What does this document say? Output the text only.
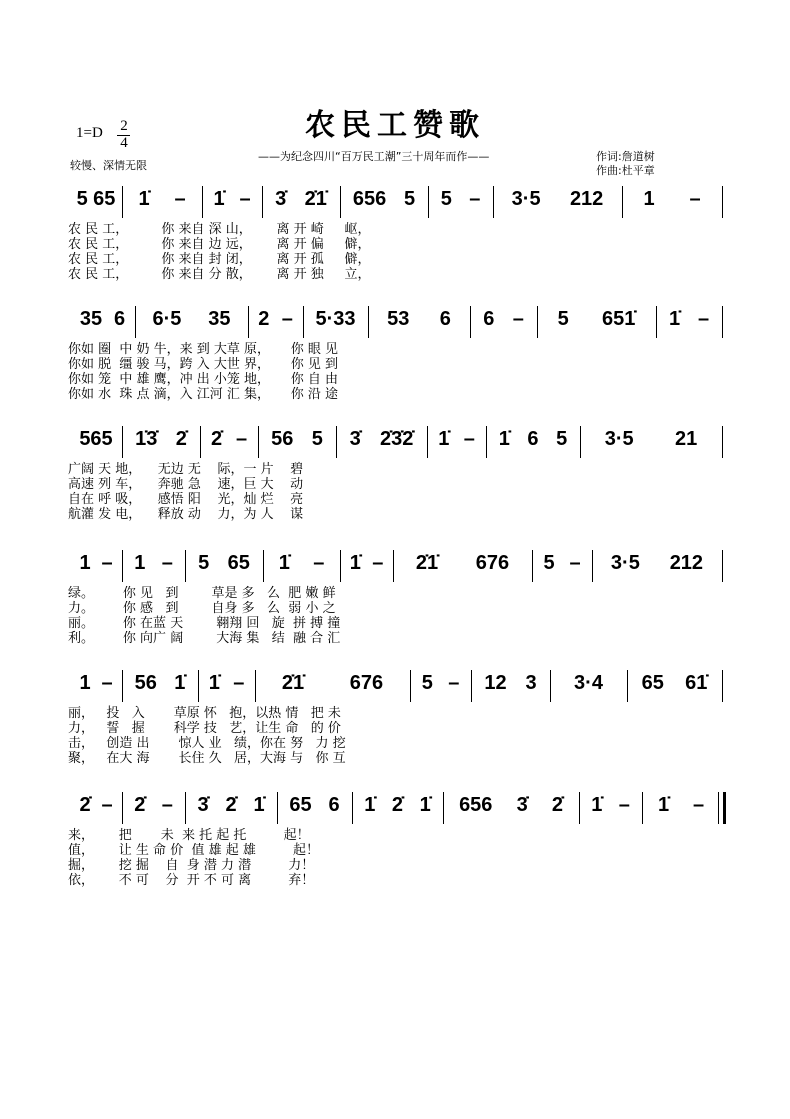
农民工赞歌
1=D 2
4
较慢、深情无限
——为纪念四川“百万民工潮”三十周年而作——	作词:詹道树
作曲:杜平章
5 65 1̇ – 1̇ – 3̇ 2̇1̇ 656 5 5 – 3·5 212 1 –
农 民 工，        你 来自 深 山，      离 开 崎     岖，
农 民 工，        你 来自 边 远，      离 开 偏     僻，
农 民 工，        你 来自 封 闭，      离 开 孤     僻，
农 民 工，        你 来自 分 散，      离 开 独     立，
35 6 6·5 35 2 – 5·33 53 6 6 – 5 651̇ 1̇ –
你如 圈  中 奶 牛，来 到 大草 原，     你 眼 见
你如 脱  缰 骏 马，跨 入 大世 界，     你 见 到
你如 笼  中 雄 鹰，冲 出 小笼 地，     你 自 由
你如 水  珠 点 滴，入 江河 汇 集，     你 沿 途
565 1̇3̇ 2̇ 2̇ – 56 5 3̇ 2̇3̇2̇ 1̇ – 1̇ 6 5 3·5 21
广阔 天 地，    无边 无    际，一 片    碧
高速 列 车，    奔驰 急    速，巨 大    动
自在 呼 吸，    感悟 阳    光，灿 烂    亮
航灌 发 电，    释放 动    力，为 人    谋
1 – 1 – 5 65 1̇ – 1̇ – 2̇1̇ 676 5 – 3·5 212
绿。       你 见   到        草是 多   么  肥 嫩 鲜
力。       你 感   到        自身 多   么  弱 小 之
丽。       你 在蓝 天        翱翔 回   旋  拼 搏 撞
利。       你 向广 阔        大海 集   结  融 合 汇
1 – 56 1̇ 1̇ – 2̇1̇ 676 5 – 12 3 3·4 65 61̇
丽，   投   入       草原 怀   抱，以热 情   把 未
力，   誓   握       科学 技   艺，让生 命   的 价
击，   创造 出       惊人 业   绩，你在 努   力 挖
聚，   在大 海       长住 久   居，大海 与   你 互
2̇ – 2̇ – 3̇ 2̇ 1̇ 65 6 1̇ 2̇ 1̇ 656 3̇ 2̇ 1̇ – 1̇ –
来，      把       未  来 托 起 托         起！
值，      让 生 命 价  值 雄 起 雄         起！
掘，      挖 掘    自  身 潜 力 潜         力！
依，      不 可    分  开 不 可 离         弃！
